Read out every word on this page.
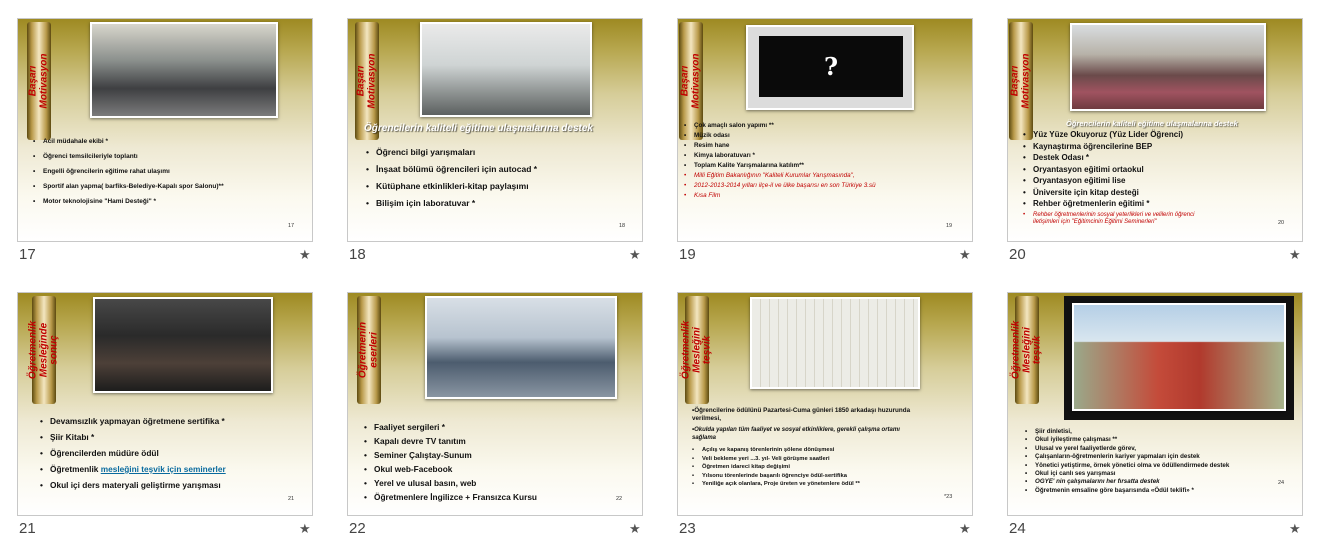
Başarı
Motivasyon
• Acil müdahale ekibi *
• Öğrenci temsilcileriyle toplantı
• Engelli öğrencilerin eğitime rahat ulaşımı
• Sportif alan yapma( barfiks-Belediye-Kapalı spor Salonu)**
• Motor teknolojisine "Hami Desteği" *
17
17	★
Başarı
Motivasyon
Öğrencilerin kaliteli eğitime ulaşmalarına destek
• Öğrenci bilgi yarışmaları
• İnşaat bölümü öğrencileri için autocad *
• Kütüphane etkinlikleri-kitap paylaşımı
• Bilişim için laboratuvar *
18
18	★
Başarı
Motivasyon	?
• Çok amaçlı salon yapımı **
• Müzik odası
• Resim hane
• Kimya laboratuvarı *
• Toplam Kalite Yarışmalarına katılım**
• Milli Eğitim Bakanlığının "Kaliteli Kurumlar Yarışmasında",
• 2012-2013-2014 yılları ilçe-il ve ülke başarısı en son Türkiye 3.sü
• Kısa Film
19
19	★
Başarı
Motivasyon
Öğrencilerin kaliteli eğitime ulaşmalarına destek
• Yüz Yüze Okuyoruz (Yüz Lider Öğrenci)
• Kaynaştırma öğrencilerine BEP
• Destek Odası *
• Oryantasyon eğitimi ortaokul
• Oryantasyon eğitimi lise
• Üniversite için kitap desteği
• Rehber öğretmenlerin eğitimi *
• Rehber öğretmenlerinin sosyal yeterlikleri ve velilerin öğrenci
iletişimleri için "Eğitimcinin Eğitimi Seminerleri"	20
20	★
Öğretmenlik
Mesleğinde sonuç
• Devamsızlık yapmayan öğretmene sertifika *
• Şiir Kitabı *
• Öğrencilerden müdüre ödül
• Öğretmenlik mesleğini teşvik için seminerler
• Okul içi ders materyali geliştirme yarışması
21
21	★
Öğretmenin
eserleri
• Faaliyet sergileri *
• Kapalı devre TV tanıtım
• Seminer Çalıştay-Sunum
• Okul web-Facebook
• Yerel ve ulusal basın, web
• Öğretmenlere İngilizce + Fransızca Kursu	22
22	★
Öğretmenlik
Mesleğini teşvik
•Öğrencilerine ödülünü Pazartesi-Cuma günleri 1850 arkadaşı huzurunda
verilmesi,
•Okulda yapılan tüm faaliyet ve sosyal etkinliklere, gerekli çalışma ortamı
sağlama
• Açılış ve kapanış törenlerinin şölene dönüşmesi
• Veli bekleme yeri ...3. yıl- Veli görüşme saatleri
• Öğretmen idareci kitap değişimi
• Yılsonu törenlerinde başarılı öğrenciye ödül-sertifika
• Yeniliğe açık olanlara, Proje üreten ve yönetenlere ödül **
*23
23	★
Öğretmenlik
Mesleğini teşvik
• Şiir dinletisi,
• Okul iyileştirme çalışması **
• Ulusal ve yerel faaliyetlerde görev,
• Çalışanların-öğretmenlerin kariyer yapmaları için destek
• Yönetici yetiştirme, örnek yönetici olma ve ödüllendirmede destek
• Okul içi canlı ses yarışması
• OGYE' nin çalışmalarını her fırsatta destek
• Öğretmenin emsaline göre başarısında «Ödül teklifi» *
24
24	★
